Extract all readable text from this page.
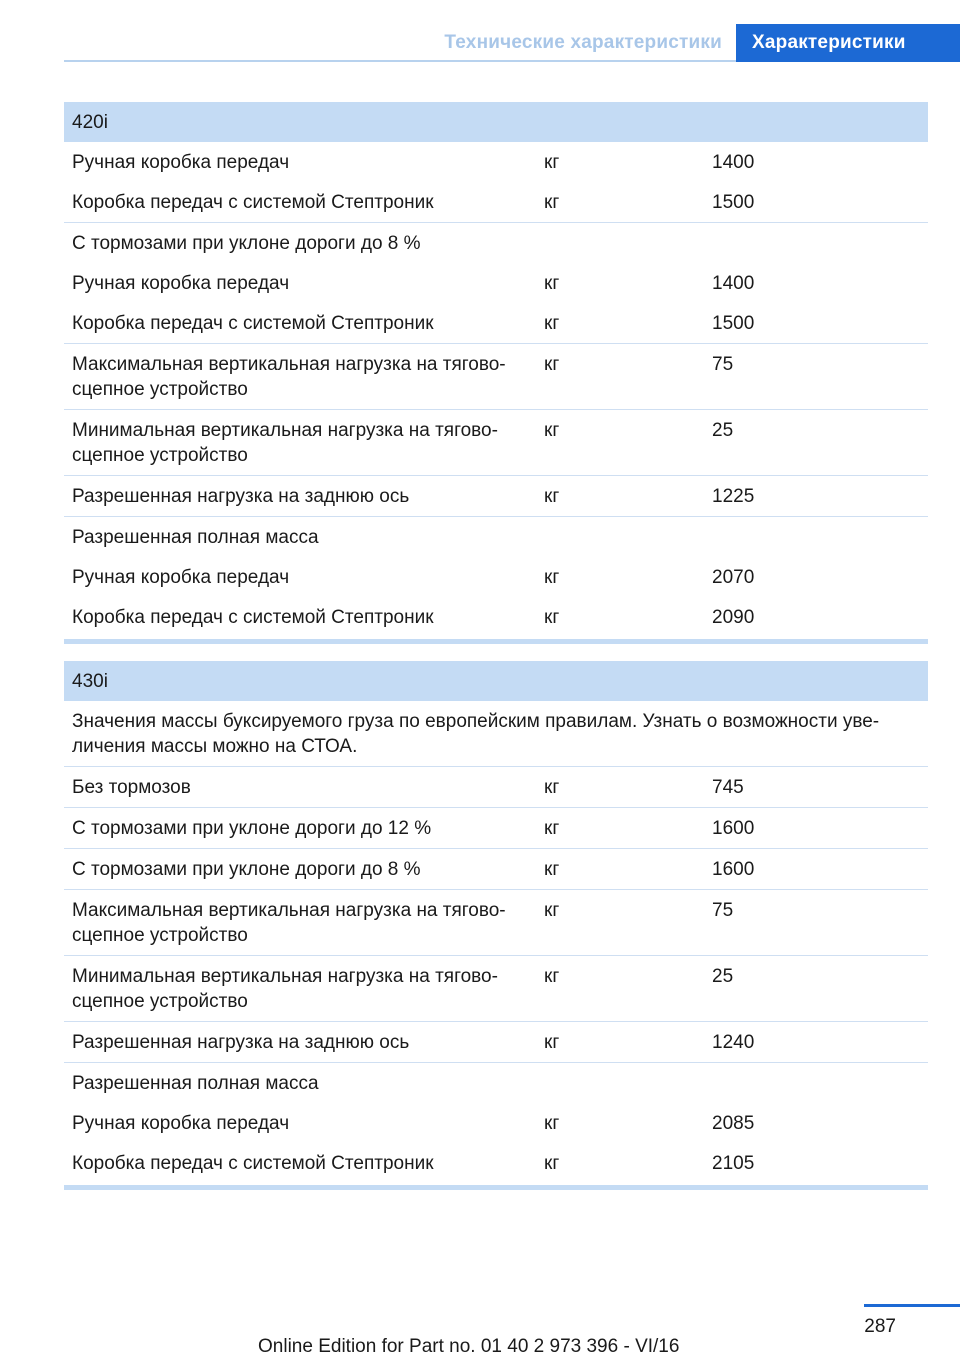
Технические характеристики Характеристики
420i		
Ручная коробка передач	кг	1400
Коробка передач с системой Стептроник	кг	1500
С тормозами при уклоне дороги до 8 %		
Ручная коробка передач	кг	1400
Коробка передач с системой Стептроник	кг	1500
Максимальная вертикальная нагрузка на тягово-сцепное устройство	кг	75
Минимальная вертикальная нагрузка на тягово-сцепное устройство	кг	25
Разрешенная нагрузка на заднюю ось	кг	1225
Разрешенная полная масса		
Ручная коробка передач	кг	2070
Коробка передач с системой Стептроник	кг	2090
430i		
Значения массы буксируемого груза по европейским правилам. Узнать о возможности уве-личения массы можно на СТОА.		
Без тормозов	кг	745
С тормозами при уклоне дороги до 12 %	кг	1600
С тормозами при уклоне дороги до 8 %	кг	1600
Максимальная вертикальная нагрузка на тягово-сцепное устройство	кг	75
Минимальная вертикальная нагрузка на тягово-сцепное устройство	кг	25
Разрешенная нагрузка на заднюю ось	кг	1240
Разрешенная полная масса		
Ручная коробка передач	кг	2085
Коробка передач с системой Стептроник	кг	2105
287
Online Edition for Part no. 01 40 2 973 396 - VI/16
